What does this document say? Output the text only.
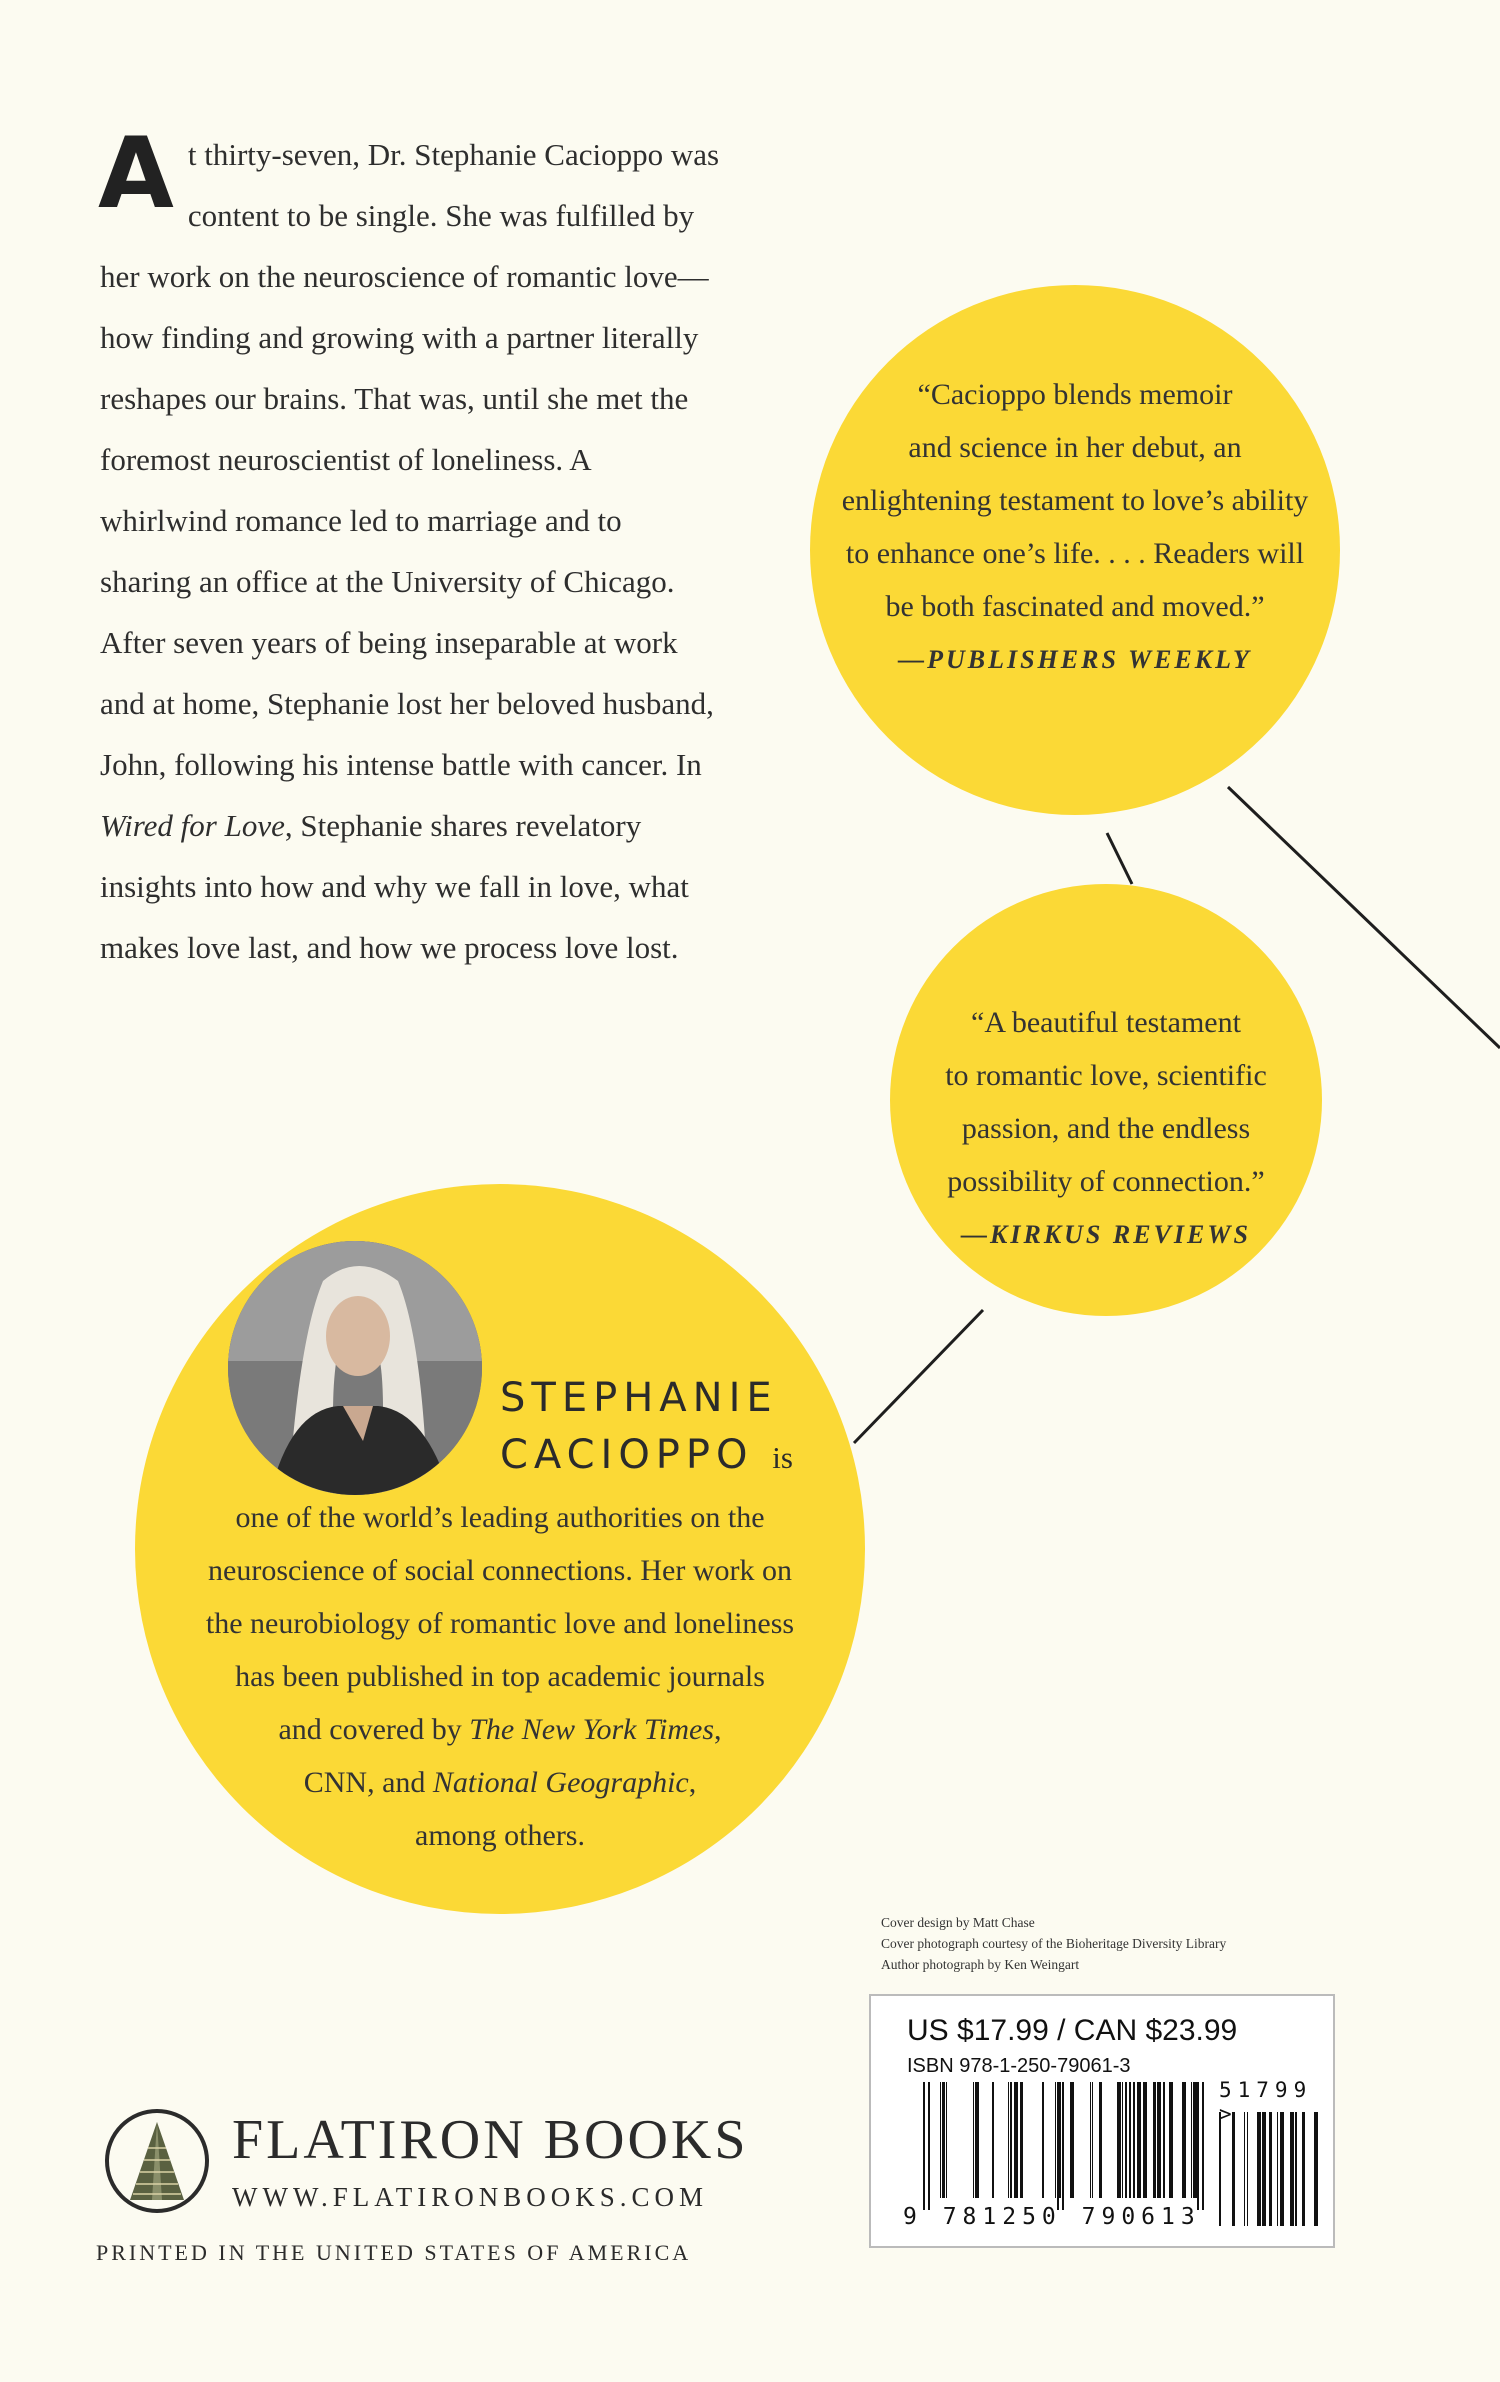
At thirty-seven, Dr. Stephanie Cacioppo was content to be single. She was fulfilled by her work on the neuroscience of romantic love—how finding and growing with a partner literally reshapes our brains. That was, until she met the foremost neuroscientist of loneliness. A whirlwind romance led to marriage and to sharing an office at the University of Chicago. After seven years of being inseparable at work and at home, Stephanie lost her beloved husband, John, following his intense battle with cancer. In Wired for Love, Stephanie shares revelatory insights into how and why we fall in love, what makes love last, and how we process love lost.

“Cacioppo blends memoir
and science in her debut, an
enlightening testament to love’s ability
to enhance one’s life. . . . Readers will
be both fascinated and moved.”
—PUBLISHERS WEEKLY

“A beautiful testament
to romantic love, scientific
passion, and the endless
possibility of connection.”
—KIRKUS REVIEWS

STEPHANIE
CACIOPPO is

one of the world’s leading authorities on the
neuroscience of social connections. Her work on
the neurobiology of romantic love and loneliness
has been published in top academic journals
and covered by The New York Times,
CNN, and National Geographic,
among others.

Cover design by Matt Chase
Cover photograph courtesy of the Bioheritage Diversity Library
Author photograph by Ken Weingart

US $17.99 / CAN $23.99

ISBN 978-1-250-79061-3

51799 >

9 781250 790613

FLATIRON BOOKS

WWW.FLATIRONBOOKS.COM

PRINTED IN THE UNITED STATES OF AMERICA
